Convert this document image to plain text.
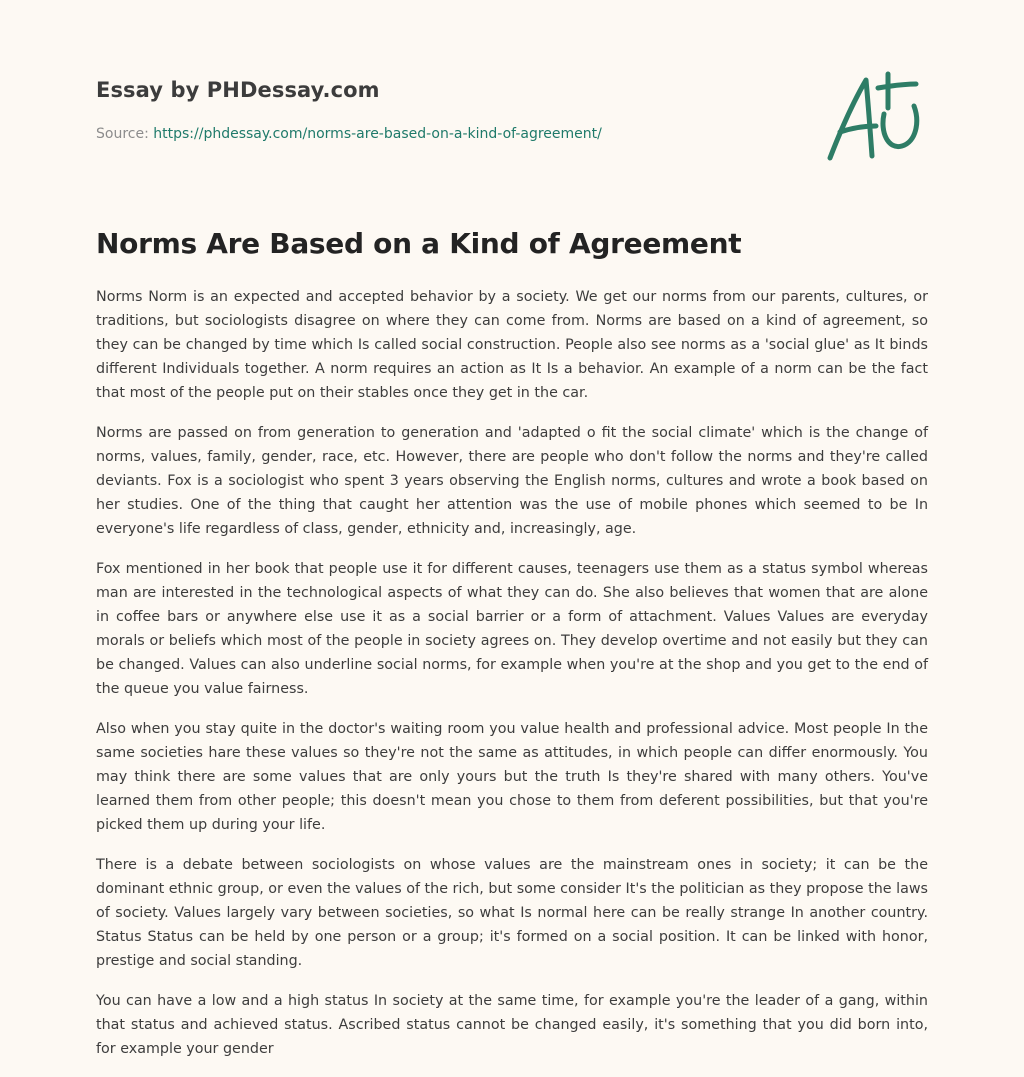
Essay by PHDessay.com
Source: https://phdessay.com/norms-are-based-on-a-kind-of-agreement/
Norms Are Based on a Kind of Agreement

Norms Norm is an expected and accepted behavior by a society. We get our norms from our parents, cultures, or traditions, but sociologists disagree on where they can come from. Norms are based on a kind of agreement, so they can be changed by time which Is called social construction. People also see norms as a 'social glue' as It binds different Individuals together. A norm requires an action as It Is a behavior. An example of a norm can be the fact that most of the people put on their stables once they get in the car.

Norms are passed on from generation to generation and 'adapted o fit the social climate' which is the change of norms, values, family, gender, race, etc. However, there are people who don't follow the norms and they're called deviants. Fox is a sociologist who spent 3 years observing the English norms, cultures and wrote a book based on her studies. One of the thing that caught her attention was the use of mobile phones which seemed to be In everyone's life regardless of class, gender, ethnicity and, increasingly, age.

Fox mentioned in her book that people use it for different causes, teenagers use them as a status symbol whereas man are interested in the technological aspects of what they can do. She also believes that women that are alone in coffee bars or anywhere else use it as a social barrier or a form of attachment. Values Values are everyday morals or beliefs which most of the people in society agrees on. They develop overtime and not easily but they can be changed. Values can also underline social norms, for example when you're at the shop and you get to the end of the queue you value fairness.

Also when you stay quite in the doctor's waiting room you value health and professional advice. Most people In the same societies hare these values so they're not the same as attitudes, in which people can differ enormously. You may think there are some values that are only yours but the truth Is they're shared with many others. You've learned them from other people; this doesn't mean you chose to them from deferent possibilities, but that you're picked them up during your life.

There is a debate between sociologists on whose values are the mainstream ones in society; it can be the dominant ethnic group, or even the values of the rich, but some consider It's the politician as they propose the laws of society. Values largely vary between societies, so what Is normal here can be really strange In another country. Status Status can be held by one person or a group; it's formed on a social position. It can be linked with honor, prestige and social standing.

You can have a low and a high status In society at the same time, for example you're the leader of a gang, within that status and achieved status. Ascribed status cannot be changed easily, it's something that you did born into, for example your gender
